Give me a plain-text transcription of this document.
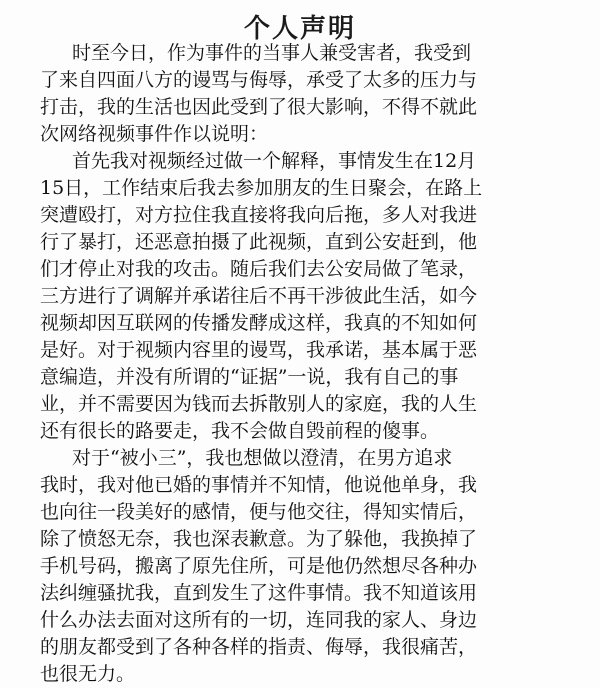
个人声明
时至今日，作为事件的当事人兼受害者，我受到
了来自四面八方的谩骂与侮辱，承受了太多的压力与
打击，我的生活也因此受到了很大影响，不得不就此
次网络视频事件作以说明：
首先我对视频经过做一个解释，事情发生在12月
15日，工作结束后我去参加朋友的生日聚会，在路上
突遭殴打，对方拉住我直接将我向后拖，多人对我进
行了暴打，还恶意拍摄了此视频，直到公安赶到，他
们才停止对我的攻击。随后我们去公安局做了笔录，
三方进行了调解并承诺往后不再干涉彼此生活，如今
视频却因互联网的传播发酵成这样，我真的不知如何
是好。对于视频内容里的谩骂，我承诺，基本属于恶
意编造，并没有所谓的“证据”一说，我有自己的事
业，并不需要因为钱而去拆散别人的家庭，我的人生
还有很长的路要走，我不会做自毁前程的傻事。
对于“被小三”，我也想做以澄清，在男方追求
我时，我对他已婚的事情并不知情，他说他单身，我
也向往一段美好的感情，便与他交往，得知实情后，
除了愤怒无奈，我也深表歉意。为了躲他，我换掉了
手机号码，搬离了原先住所，可是他仍然想尽各种办
法纠缠骚扰我，直到发生了这件事情。我不知道该用
什么办法去面对这所有的一切，连同我的家人、身边
的朋友都受到了各种各样的指责、侮辱，我很痛苦，
也很无力。
